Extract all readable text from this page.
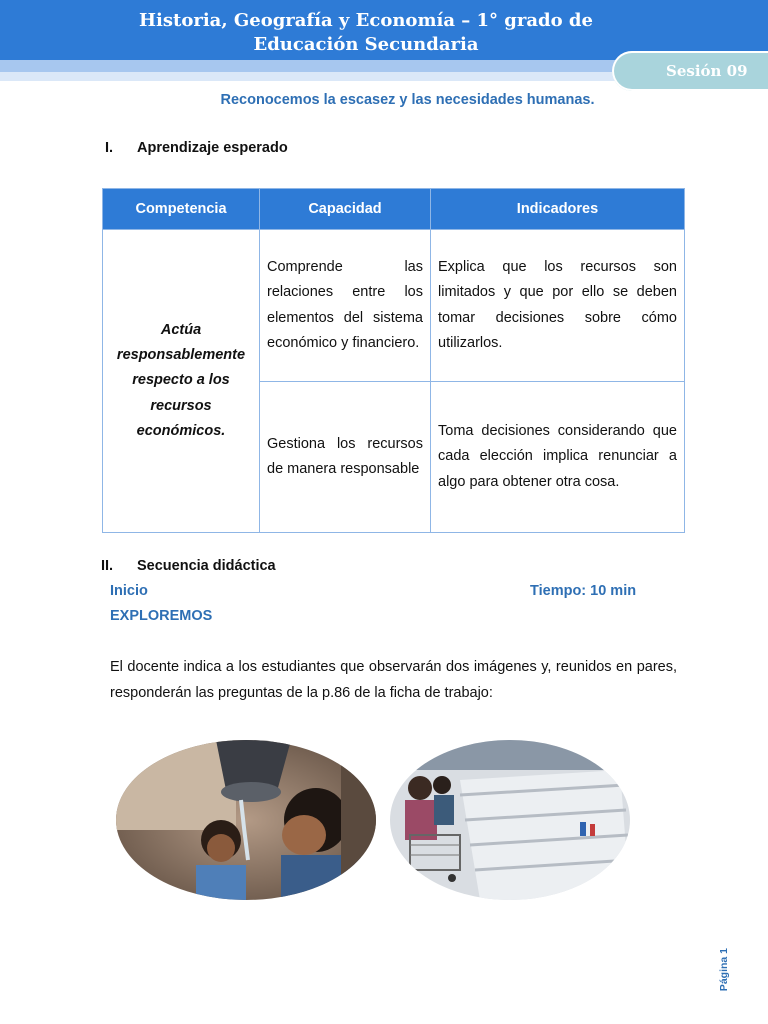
Historia, Geografía y Economía – 1° grado de
Educación Secundaria
Sesión 09
Reconocemos la escasez y las necesidades humanas.
I. Aprendizaje esperado
Competencia	Capacidad	Indicadores
Actúa responsablemente respecto a los recursos económicos.	Comprende las relaciones entre los elementos del sistema económico y financiero.	Explica que los recursos son limitados y que por ello se deben tomar decisiones sobre cómo utilizarlos.
	Gestiona los recursos de manera responsable	Toma decisiones considerando que cada elección implica renunciar a algo para obtener otra cosa.
II. Secuencia didáctica
Inicio	Tiempo: 10 min
EXPLOREMOS
El docente indica a los estudiantes que observarán dos imágenes y, reunidos en pares, responderán las preguntas de la p.86 de la ficha de trabajo:
Página 1
